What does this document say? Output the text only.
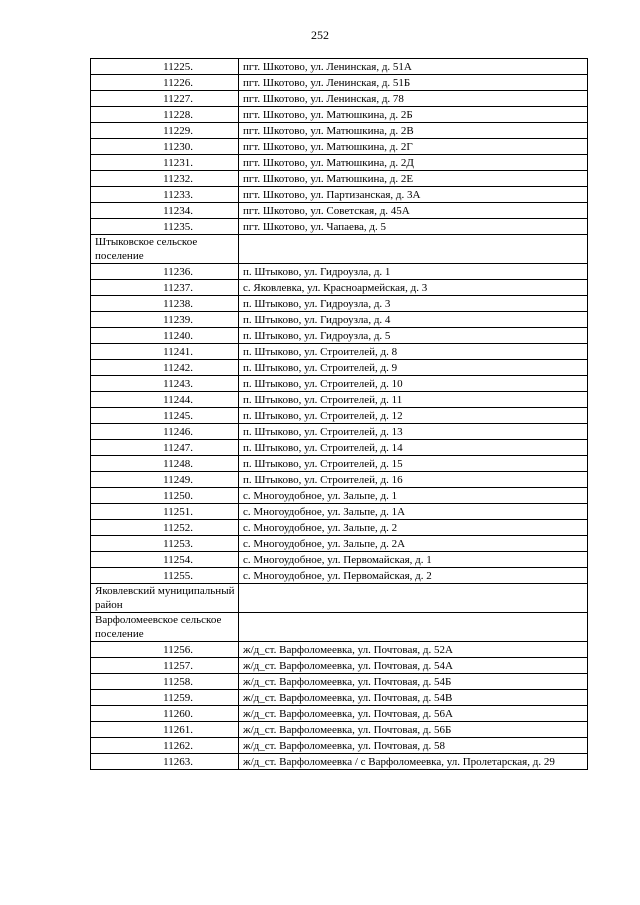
252
11225.	пгт. Шкотово, ул. Ленинская, д. 51А
11226.	пгт. Шкотово, ул. Ленинская, д. 51Б
11227.	пгт. Шкотово, ул. Ленинская, д. 78
11228.	пгт. Шкотово, ул. Матюшкина, д. 2Б
11229.	пгт. Шкотово, ул. Матюшкина, д. 2В
11230.	пгт. Шкотово, ул. Матюшкина, д. 2Г
11231.	пгт. Шкотово, ул. Матюшкина, д. 2Д
11232.	пгт. Шкотово, ул. Матюшкина, д. 2Е
11233.	пгт. Шкотово, ул. Партизанская, д. 3А
11234.	пгт. Шкотово, ул. Советская, д. 45А
11235.	пгт. Шкотово, ул. Чапаева, д. 5
Штыковское сельское поселение	
11236.	п. Штыково, ул. Гидроузла, д. 1
11237.	с. Яковлевка, ул. Красноармейская, д. 3
11238.	п. Штыково, ул. Гидроузла, д. 3
11239.	п. Штыково, ул. Гидроузла, д. 4
11240.	п. Штыково, ул. Гидроузла, д. 5
11241.	п. Штыково, ул. Строителей, д. 8
11242.	п. Штыково, ул. Строителей, д. 9
11243.	п. Штыково, ул. Строителей, д. 10
11244.	п. Штыково, ул. Строителей, д. 11
11245.	п. Штыково, ул. Строителей, д. 12
11246.	п. Штыково, ул. Строителей, д. 13
11247.	п. Штыково, ул. Строителей, д. 14
11248.	п. Штыково, ул. Строителей, д. 15
11249.	п. Штыково, ул. Строителей, д. 16
11250.	с. Многоудобное, ул. Зальпе, д. 1
11251.	с. Многоудобное, ул. Зальпе, д. 1А
11252.	с. Многоудобное, ул. Зальпе, д. 2
11253.	с. Многоудобное, ул. Зальпе, д. 2А
11254.	с. Многоудобное, ул. Первомайская, д. 1
11255.	с. Многоудобное, ул. Первомайская, д. 2
Яковлевский муниципальный район	
Варфоломеевское сельское поселение	
11256.	ж/д_ст. Варфоломеевка, ул. Почтовая, д. 52А
11257.	ж/д_ст. Варфоломеевка, ул. Почтовая, д. 54А
11258.	ж/д_ст. Варфоломеевка, ул. Почтовая, д. 54Б
11259.	ж/д_ст. Варфоломеевка, ул. Почтовая, д. 54В
11260.	ж/д_ст. Варфоломеевка, ул. Почтовая, д. 56А
11261.	ж/д_ст. Варфоломеевка, ул. Почтовая, д. 56Б
11262.	ж/д_ст. Варфоломеевка, ул. Почтовая, д. 58
11263.	ж/д_ст. Варфоломеевка / с Варфоломеевка, ул. Пролетарская, д. 29
